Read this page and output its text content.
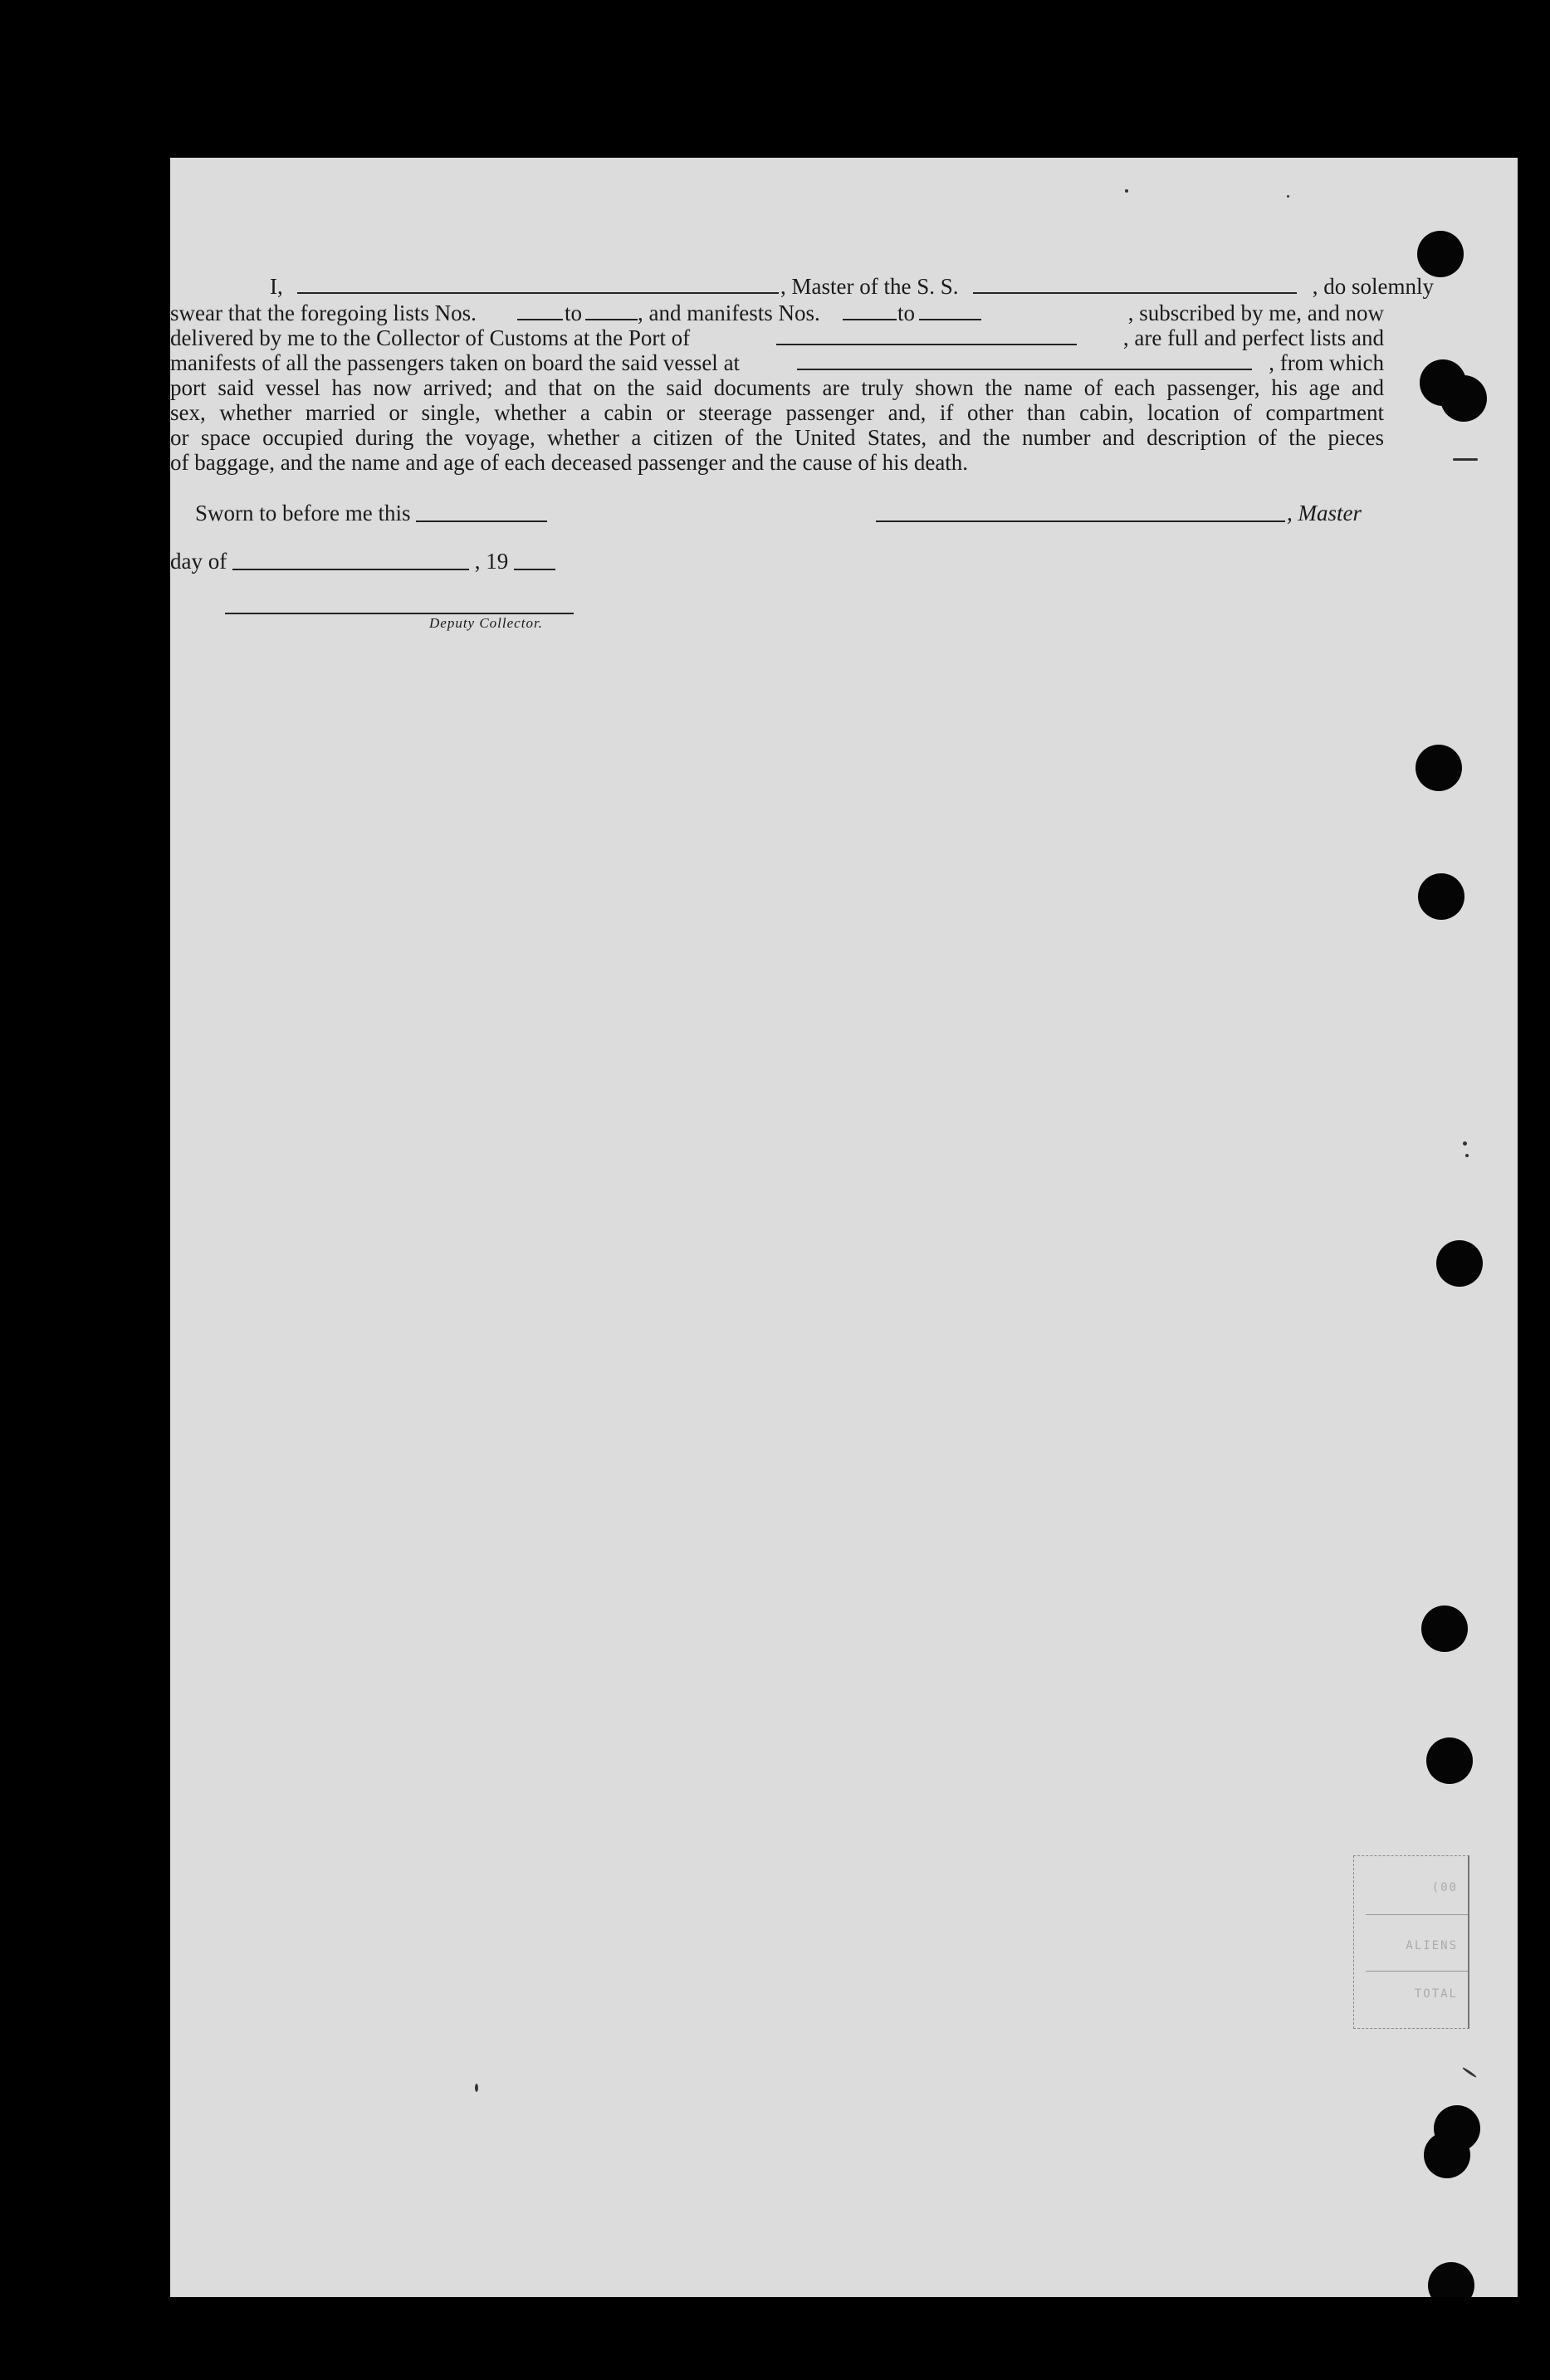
I,	, Master of the S. S.	, do solemnly
swear that the foregoing lists Nos.	to , and manifests Nos.	to	, subscribed by me, and now
delivered by me to the Collector of Customs at the Port of	, are full and perfect lists and
manifests of all the passengers taken on board the said vessel at	, from which
port said vessel has now arrived; and that on the said documents are truly shown the name of each passenger, his age and
sex, whether married or single, whether a cabin or steerage passenger and, if other than cabin, location of compartment
or space occupied during the voyage, whether a citizen of the United States, and the number and description of the pieces
of baggage, and the name and age of each deceased passenger and the cause of his death.
Sworn to before me this	, Master
day of	, 19
Deputy Collector.
(00
ALIENS
TOTAL
